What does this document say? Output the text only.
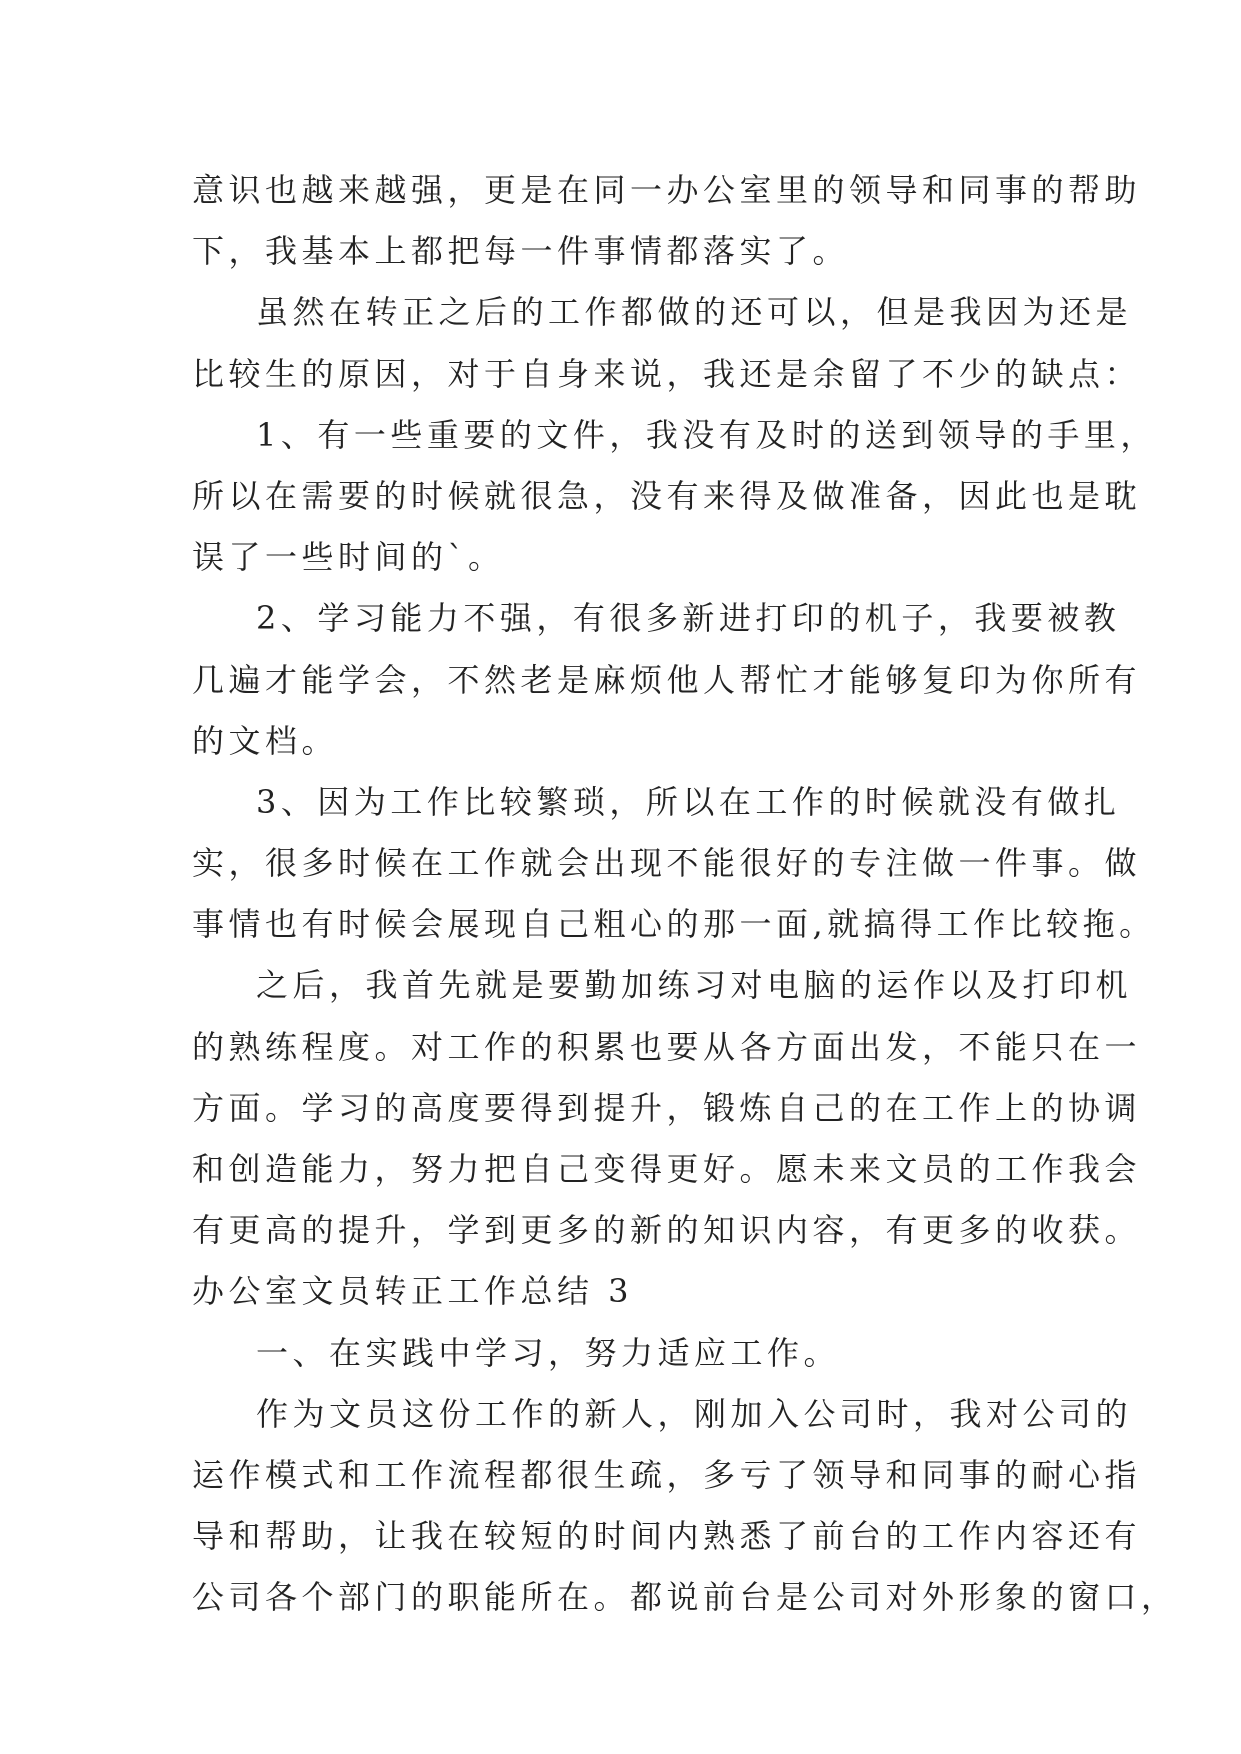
意识也越来越强，更是在同一办公室里的领导和同事的帮助
下，我基本上都把每一件事情都落实了。
虽然在转正之后的工作都做的还可以，但是我因为还是
比较生的原因，对于自身来说，我还是余留了不少的缺点：
1、有一些重要的文件，我没有及时的送到领导的手里，
所以在需要的时候就很急，没有来得及做准备，因此也是耽
误了一些时间的`。
2、学习能力不强，有很多新进打印的机子，我要被教
几遍才能学会，不然老是麻烦他人帮忙才能够复印为你所有
的文档。
3、因为工作比较繁琐，所以在工作的时候就没有做扎
实，很多时候在工作就会出现不能很好的专注做一件事。做
事情也有时候会展现自己粗心的那一面,就搞得工作比较拖。
之后，我首先就是要勤加练习对电脑的运作以及打印机
的熟练程度。对工作的积累也要从各方面出发，不能只在一
方面。学习的高度要得到提升，锻炼自己的在工作上的协调
和创造能力，努力把自己变得更好。愿未来文员的工作我会
有更高的提升，学到更多的新的知识内容，有更多的收获。
办公室文员转正工作总结 3
一、在实践中学习，努力适应工作。
作为文员这份工作的新人，刚加入公司时，我对公司的
运作模式和工作流程都很生疏，多亏了领导和同事的耐心指
导和帮助，让我在较短的时间内熟悉了前台的工作内容还有
公司各个部门的职能所在。都说前台是公司对外形象的窗口，
